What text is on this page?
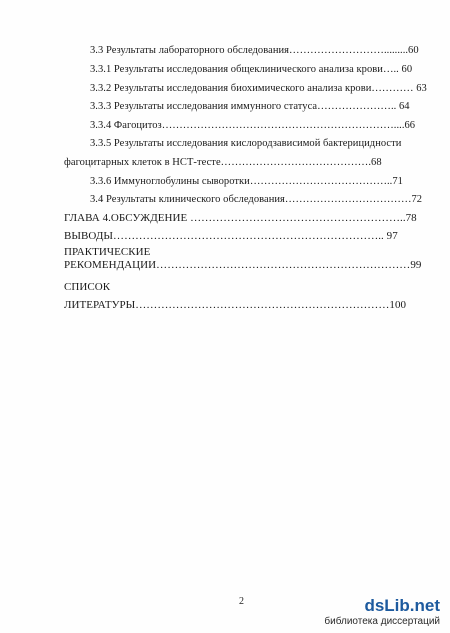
3.3 Результаты лабораторного обследования……………………….........60
3.3.1 Результаты исследования общеклинического анализа крови….. 60
3.3.2 Результаты исследования биохимического анализа крови………… 63
3.3.3 Результаты исследования иммунного статуса………………….. 64
3.3.4 Фагоцитоз…………………………………………………………....66
3.3.5 Результаты исследования кислородзависимой бактерицидности
фагоцитарных клеток в НСТ-тесте…………………………………….68
3.3.6 Иммуноглобулины сыворотки…………………………………..71
3.4 Результаты клинического обследования………………………………72
ГЛАВА 4.ОБСУЖДЕНИЕ …………………………………………………..78
ВЫВОДЫ……………………………………………………………….. 97
ПРАКТИЧЕСКИЕ
РЕКОМЕНДАЦИИ……………………………………………………………99
СПИСОК
ЛИТЕРАТУРЫ……………………………………………………………100
2	dsLib.net
библиотека диссертаций
